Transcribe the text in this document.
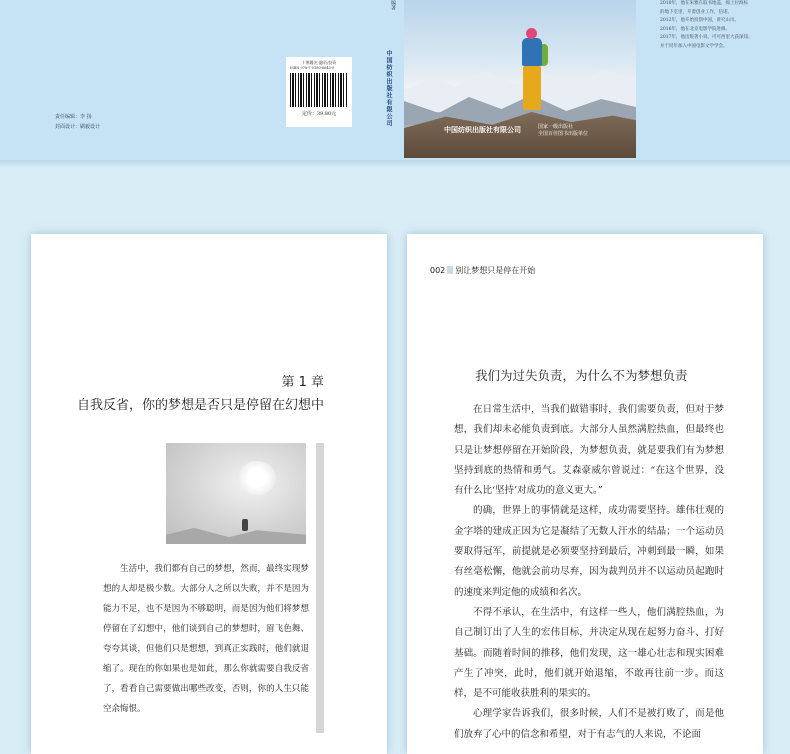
责任编辑：李 扬
封面设计：刷毅设计
十堰曝光·融资/投资
ISBN 978-7-5180-6645-0
定价：39.80元
编著
中国纺织出版社有限公司
中国纺织出版社有限公司	国家一级出版社
全国百佳图书出版单位
2010年，他在朱雅在取书地盖，绵上拉海标
的地下室里，开着创业工作，信诺。
2012年，他开始投创中国，讲究山川。
2016年，他在北京电影学院进修。
2017年，他出版著小说，可可西里大获深知。
并于同年加入中国电影文学学会。
第 1 章
自我反省，你的梦想是否只是停留在幻想中

生活中，我们都有自己的梦想，然而，最终实现梦想的人却是极少数。大部分人之所以失败，并不是因为能力不足，也不是因为不够聪明，而是因为他们将梦想停留在了幻想中，他们谈到自己的梦想时，眉飞色舞、夸夸其谈，但他们只是想想，到真正实践时，他们就退缩了。现在的你如果也是如此，那么你就需要自我反省了，看看自己需要做出哪些改变，否则，你的人生只能空余悔恨。

002 别让梦想只是停在开始
我们为过失负责，为什么不为梦想负责

在日常生活中，当我们做错事时，我们需要负责，但对于梦想，我们却未必能负责到底。大部分人虽然满腔热血，但最终也只是让梦想停留在开始阶段，为梦想负责，就是要我们有为梦想坚持到底的热情和勇气。艾森豪威尔曾说过：“在这个世界，没有什么比‘坚持’对成功的意义更大。”

的确，世界上的事情就是这样，成功需要坚持。雄伟壮观的金字塔的建成正因为它是凝结了无数人汗水的结晶；一个运动员要取得冠军，前提就是必须要坚持到最后，冲刺到最一瞬，如果有丝毫松懈，他就会前功尽弃，因为裁判员并不以运动员起跑时的速度来判定他的成绩和名次。

不得不承认，在生活中，有这样一些人，他们满腔热血，为自己制订出了人生的宏伟目标，并决定从现在起努力奋斗、打好基础。而随着时间的推移，他们发现，这一雄心壮志和现实困难产生了冲突，此时，他们就开始退缩，不敢再往前一步。而这样，是不可能收获胜利的果实的。

心理学家告诉我们，很多时候，人们不是被打败了，而是他们放弃了心中的信念和希望，对于有志气的人来说，不论面
